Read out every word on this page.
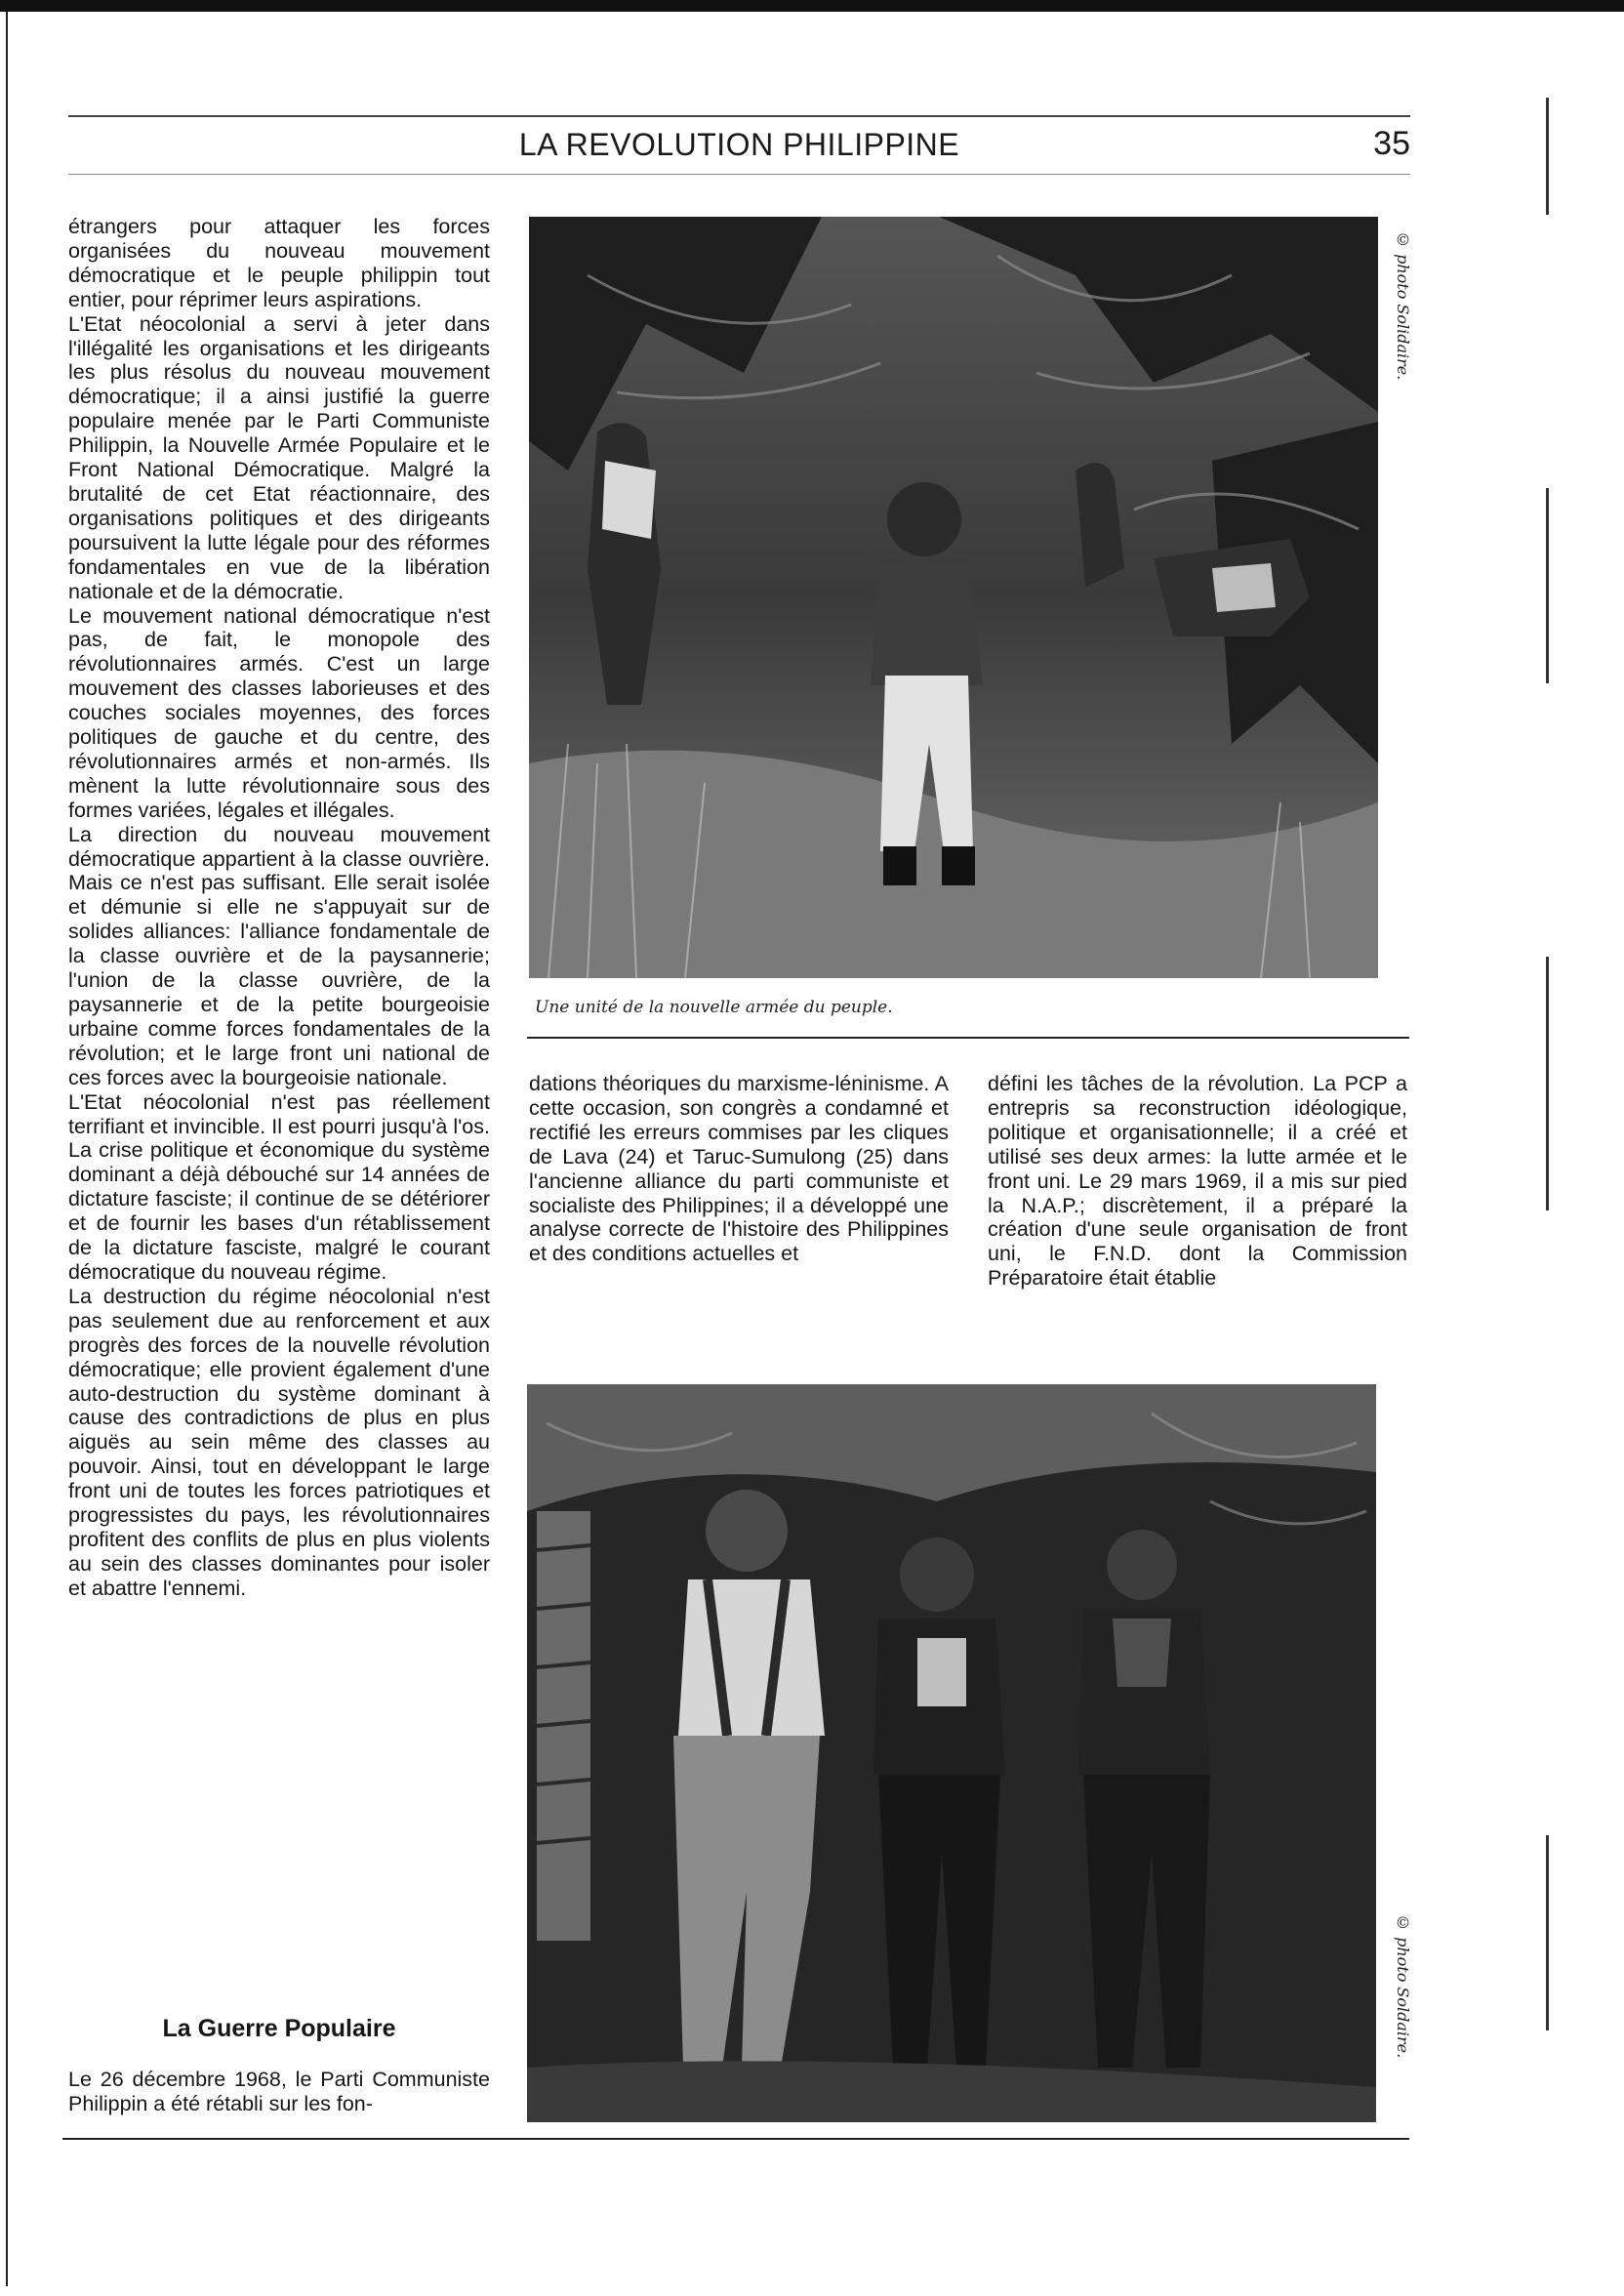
LA REVOLUTION PHILIPPINE	35

étrangers pour attaquer les forces organisées du nouveau mouvement démocratique et le peuple philippin tout entier, pour réprimer leurs aspirations.

L'Etat néocolonial a servi à jeter dans l'illégalité les organisations et les dirigeants les plus résolus du nouveau mouvement démocratique; il a ainsi justifié la guerre populaire menée par le Parti Communiste Philippin, la Nouvelle Armée Populaire et le Front National Démocratique. Malgré la brutalité de cet Etat réactionnaire, des organisations politiques et des dirigeants poursuivent la lutte légale pour des réformes fondamentales en vue de la libération nationale et de la démocratie.

Le mouvement national démocratique n'est pas, de fait, le monopole des révolutionnaires armés. C'est un large mouvement des classes laborieuses et des couches sociales moyennes, des forces politiques de gauche et du centre, des révolutionnaires armés et non-armés. Ils mènent la lutte révolutionnaire sous des formes variées, légales et illégales.

La direction du nouveau mouvement démocratique appartient à la classe ouvrière. Mais ce n'est pas suffisant. Elle serait isolée et démunie si elle ne s'appuyait sur de solides alliances: l'alliance fondamentale de la classe ouvrière et de la paysannerie; l'union de la classe ouvrière, de la paysannerie et de la petite bourgeoisie urbaine comme forces fondamentales de la révolution; et le large front uni national de ces forces avec la bourgeoisie nationale.

L'Etat néocolonial n'est pas réellement terrifiant et invincible. Il est pourri jusqu'à l'os. La crise politique et économique du système dominant a déjà débouché sur 14 années de dictature fasciste; il continue de se détériorer et de fournir les bases d'un rétablissement de la dictature fasciste, malgré le courant démocratique du nouveau régime.

La destruction du régime néocolonial n'est pas seulement due au renforcement et aux progrès des forces de la nouvelle révolution démocratique; elle provient également d'une auto-destruction du système dominant à cause des contradictions de plus en plus aiguës au sein même des classes au pouvoir. Ainsi, tout en développant le large front uni de toutes les forces patriotiques et progressistes du pays, les révolutionnaires profitent des conflits de plus en plus violents au sein des classes dominantes pour isoler et abattre l'ennemi.

La Guerre Populaire
Le 26 décembre 1968, le Parti Communiste Philippin a été rétabli sur les fon-
© photo Solidaire.
Une unité de la nouvelle armée du peuple.
dations théoriques du marxisme-léninisme. A cette occasion, son congrès a condamné et rectifié les erreurs commises par les cliques de Lava (24) et Taruc-Sumulong (25) dans l'ancienne alliance du parti communiste et socialiste des Philippines; il a développé une analyse correcte de l'histoire des Philippines et des conditions actuelles et
défini les tâches de la révolution. La PCP a entrepris sa reconstruction idéologique, politique et organisationnelle; il a créé et utilisé ses deux armes: la lutte armée et le front uni. Le 29 mars 1969, il a mis sur pied la N.A.P.; discrètement, il a préparé la création d'une seule organisation de front uni, le F.N.D. dont la Commission Préparatoire était établie
© photo Soldaire.
